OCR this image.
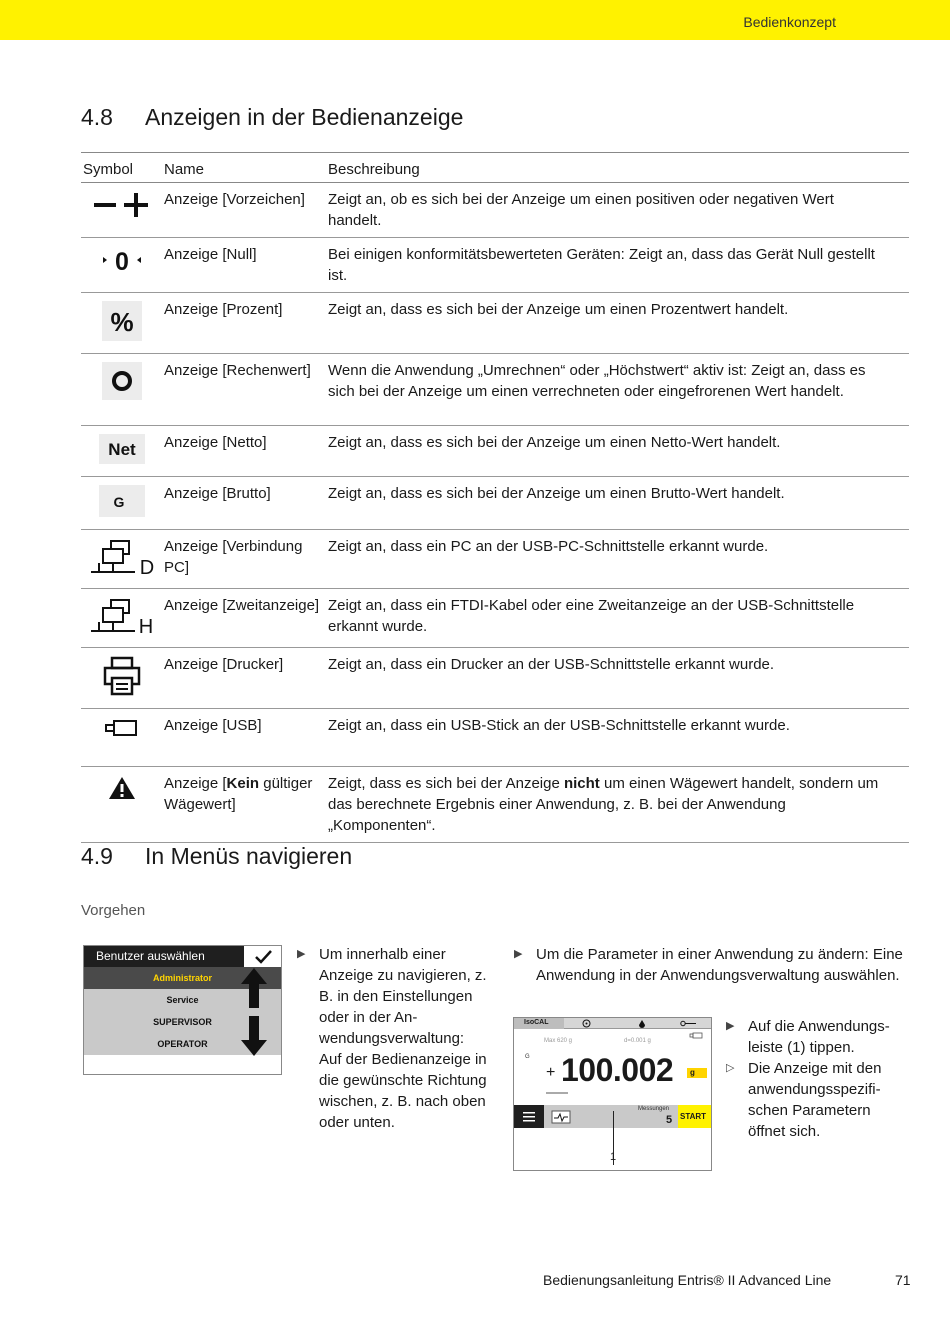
Bedienkonzept
4.8 Anzeigen in der Bedienanzeige
Symbol	Name	Beschreibung
	Anzeige [Vorzeichen]	Zeigt an, ob es sich bei der Anzeige um einen positiven oder negativen Wert handelt.

0	Anzeige [Null]	Bei einigen konformitätsbewerteten Geräten: Zeigt an, dass das Gerät Null gestellt ist.

%	Anzeige [Prozent]	Zeigt an, dass es sich bei der Anzeige um einen Prozentwert handelt.
	Anzeige [Rechenwert]	Wenn die Anwendung „Umrechnen“ oder „Höchstwert“ aktiv ist: Zeigt an, dass es sich bei der Anzeige um einen verrechneten oder eingefrorenen Wert handelt.

Net	Anzeige [Netto]	Zeigt an, dass es sich bei der Anzeige um einen Netto-Wert handelt.

G	Anzeige [Brutto]	Zeigt an, dass es sich bei der Anzeige um einen Brutto-Wert handelt.

D	Anzeige [Verbindung PC]	Zeigt an, dass ein PC an der USB-PC-Schnittstelle erkannt wurde.

H	Anzeige [Zweitanzeige]	Zeigt an, dass ein FTDI-Kabel oder eine Zweitanzeige an der USB-Schnittstelle erkannt wurde.
	Anzeige [Drucker]	Zeigt an, dass ein Drucker an der USB-Schnittstelle erkannt wurde.
	Anzeige [USB]	Zeigt an, dass ein USB-Stick an der USB-Schnittstelle erkannt wurde.
	Anzeige [Kein gültiger Wägewert]	Zeigt, dass es sich bei der Anzeige nicht um einen Wägewert handelt, sondern um das berechnete Ergebnis einer Anwendung, z. B. bei der Anwendung „Komponenten“.
4.9 In Menüs navigieren
Vorgehen
Benutzer auswählen
Administrator
Service
SUPERVISOR
OPERATOR
▶ Um innerhalb einer Anzeige zu navigieren, z. B. in den Einstellungen oder in der Anwendungsverwaltung: Auf der Bedienanzeige in die gewünschte Richtung wischen, z. B. nach oben oder unten.
▶ Um die Parameter in einer Anwendung zu ändern: Eine Anwendung in der Anwendungsverwaltung auswählen.
IsoCAL
Max 620 g	d=0.001 g
G
+ 100.002	g
Messungen
5 START
1
▶ Auf die Anwendungsleiste (1) tippen.
▷ Die Anzeige mit den anwendungsspezifischen Parametern öffnet sich.
Bedienungsanleitung Entris® II Advanced Line	71
